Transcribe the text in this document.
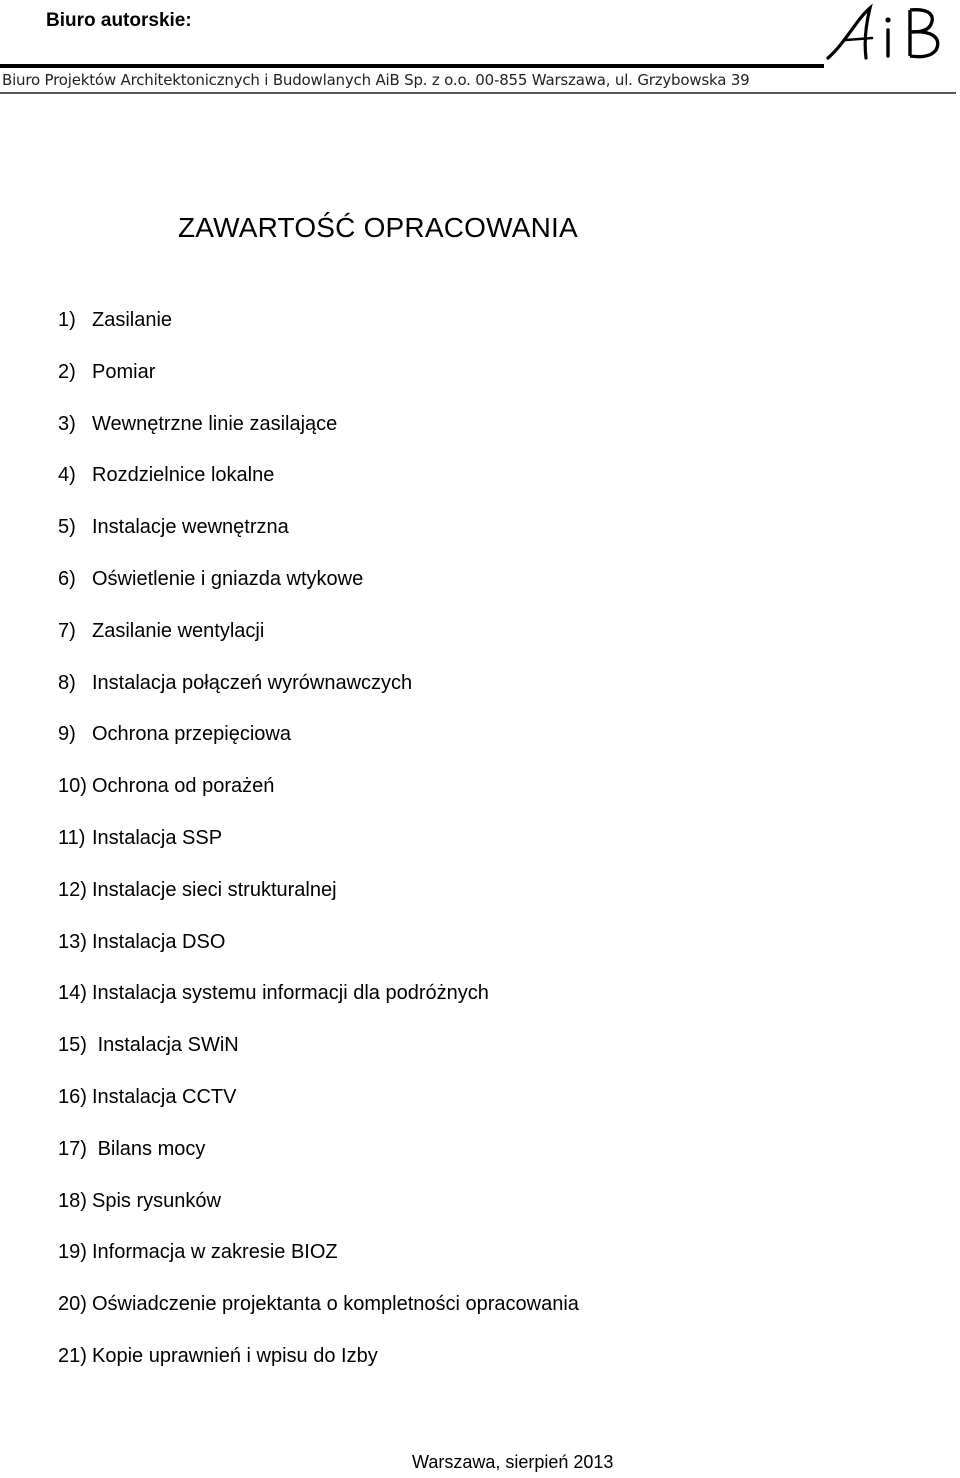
Biuro autorskie:
Biuro Projektów Architektonicznych i Budowlanych AiB Sp. z o.o. 00-855 Warszawa, ul. Grzybowska 39
ZAWARTOŚĆ OPRACOWANIA
1) Zasilanie
2) Pomiar
3) Wewnętrzne linie zasilające
4) Rozdzielnice lokalne
5) Instalacje wewnętrzna
6) Oświetlenie i gniazda wtykowe
7) Zasilanie wentylacji
8) Instalacja połączeń wyrównawczych
9) Ochrona przepięciowa
10) Ochrona od porażeń
11) Instalacja SSP
12) Instalacje sieci strukturalnej
13) Instalacja DSO
14) Instalacja systemu informacji dla podróżnych
15) Instalacja SWiN
16) Instalacja CCTV
17) Bilans mocy
18) Spis rysunków
19) Informacja w zakresie BIOZ
20) Oświadczenie projektanta o kompletności opracowania
21) Kopie uprawnień i wpisu do Izby
Warszawa, sierpień 2013
